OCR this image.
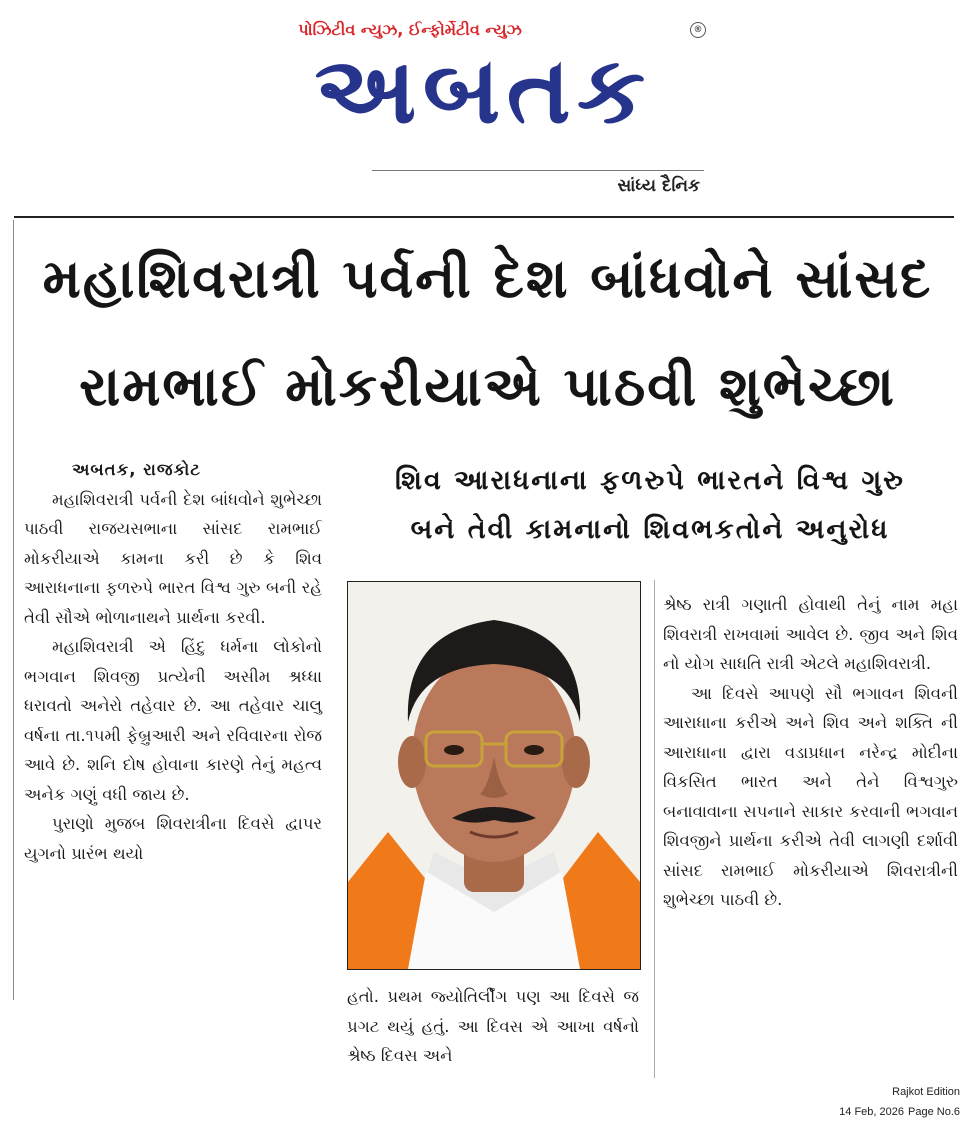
પોઝિટીવ ન્યુઝ, ઈન્ફોર્મેટીવ ન્યુઝ	®
અબતક
સાંધ્ય દૈનિક
મહાશિવરાત્રી પર્વની દેશ બાંધવોને સાંસદ
રામભાઈ મોકરીયાએ પાઠવી શુભેચ્છા

અબતક, રાજકોટ

મહાશિવરાત્રી પર્વની દેશ બાંધવોને શુભેચ્છા પાઠવી રાજયસભાના સાંસદ રામભાઈ મોકરીયાએ કામના કરી છે કે શિવ આરાધનાના ફળરુપે ભારત વિશ્વ ગુરુ બની રહે તેવી સૌએ ભોળાનાથને પ્રાર્થના કરવી.

મહાશિવરાત્રી એ હિંદુ ધર્મના લોકોનો ભગવાન શિવજી પ્રત્યેની અસીમ શ્રધ્ધા ધરાવતો અનેરો તહેવાર છે. આ તહેવાર ચાલુ વર્ષના તા.૧૫મી ફેબ્રુઆરી અને રવિવારના રોજ આવે છે. શનિ દોષ હોવાના કારણે તેનું મહત્વ અનેક ગણું વધી જાય છે.

પુરાણો મુજબ શિવરાત્રીના દિવસે દ્વાપર યુગનો પ્રારંભ થયો

શિવ આરાધનાના ફળરુપે ભારતને વિશ્વ ગુરુ
બને તેવી કામનાનો શિવભકતોને અનુરોધ

હતો. પ્રથમ જ્યોતિર્લીંગ પણ આ દિવસે જ પ્રગટ થયું હતું. આ દિવસ એ આખા વર્ષનો શ્રેષ્ઠ દિવસ અને

શ્રેષ્ઠ રાત્રી ગણાતી હોવાથી તેનું નામ મહા શિવરાત્રી રાખવામાં આવેલ છે. જીવ અને શિવ નો યોગ સાધતિ રાત્રી એટલે મહાશિવરાત્રી.

આ દિવસે આપણે સૌ ભગાવન શિવની આરાધાના કરીએ અને શિવ અને શક્તિ ની આરાધાના દ્વારા વડાપ્રધાન નરેન્દ્ર મોદીના વિકસિત ભારત અને તેને વિશ્વગુરુ બનાવાવાના સપનાને સાકાર કરવાની ભગવાન શિવજીને પ્રાર્થના કરીએ તેવી લાગણી દર્શાવી સાંસદ રામભાઈ મોકરીયાએ શિવરાત્રીની શુભેચ્છા પાઠવી છે.

Rajkot Edition
14 Feb, 2026 Page No.6
